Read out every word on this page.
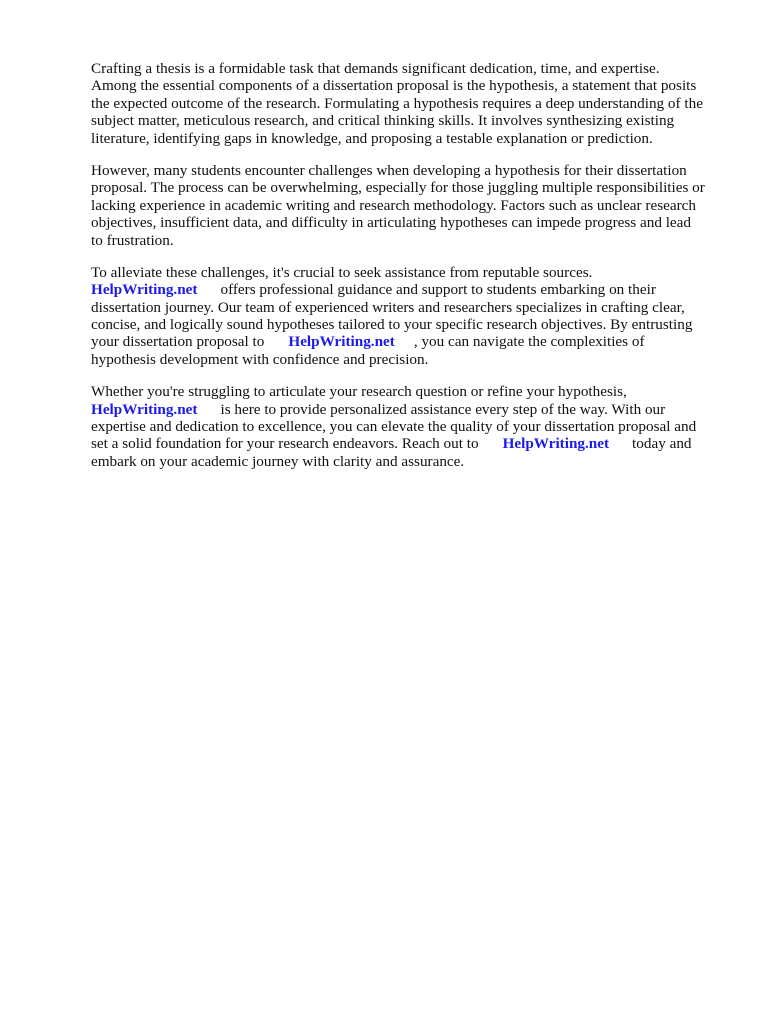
Crafting a thesis is a formidable task that demands significant dedication, time, and expertise.
Among the essential components of a dissertation proposal is the hypothesis, a statement that posits
the expected outcome of the research. Formulating a hypothesis requires a deep understanding of the
subject matter, meticulous research, and critical thinking skills. It involves synthesizing existing
literature, identifying gaps in knowledge, and proposing a testable explanation or prediction.

However, many students encounter challenges when developing a hypothesis for their dissertation
proposal. The process can be overwhelming, especially for those juggling multiple responsibilities or
lacking experience in academic writing and research methodology. Factors such as unclear research
objectives, insufficient data, and difficulty in articulating hypotheses can impede progress and lead
to frustration.

To alleviate these challenges, it's crucial to seek assistance from reputable sources.
HelpWriting.net offers professional guidance and support to students embarking on their
dissertation journey. Our team of experienced writers and researchers specializes in crafting clear,
concise, and logically sound hypotheses tailored to your specific research objectives. By entrusting
your dissertation proposal to HelpWriting.net , you can navigate the complexities of
hypothesis development with confidence and precision.

Whether you're struggling to articulate your research question or refine your hypothesis,
HelpWriting.net is here to provide personalized assistance every step of the way. With our
expertise and dedication to excellence, you can elevate the quality of your dissertation proposal and
set a solid foundation for your research endeavors. Reach out to HelpWriting.net today and
embark on your academic journey with clarity and assurance.
